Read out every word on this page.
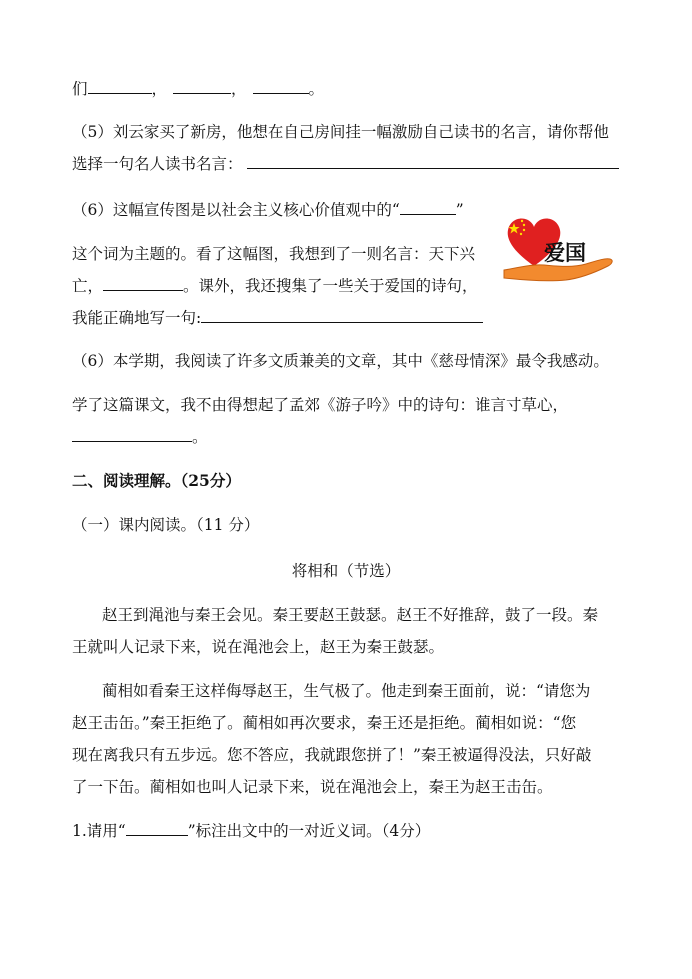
们	，	，	。
（5）刘云家买了新房，他想在自己房间挂一幅激励自己读书的名言，请你帮他
选择一句名人读书名言：
（6）这幅宣传图是以社会主义核心价值观中的“	”
这个词为主题的。看了这幅图，我想到了一则名言：天下兴
亡，	。课外，我还搜集了一些关于爱国的诗句，
我能正确地写一句:
爱国
（6）本学期，我阅读了许多文质兼美的文章，其中《慈母情深》最令我感动。
学了这篇课文，我不由得想起了孟郊《游子吟》中的诗句：谁言寸草心，
。
二、阅读理解。（25分）
（一）课内阅读。（11 分）
将相和（节选）
赵王到渑池与秦王会见。秦王要赵王鼓瑟。赵王不好推辞，鼓了一段。秦
王就叫人记录下来，说在渑池会上，赵王为秦王鼓瑟。
蔺相如看秦王这样侮辱赵王，生气极了。他走到秦王面前，说：“请您为
赵王击缶。”秦王拒绝了。蔺相如再次要求，秦王还是拒绝。蔺相如说：“您
现在离我只有五步远。您不答应，我就跟您拼了！”秦王被逼得没法，只好敲
了一下缶。蔺相如也叫人记录下来，说在渑池会上，秦王为赵王击缶。
1.请用“	”标注出文中的一对近义词。（4分）
